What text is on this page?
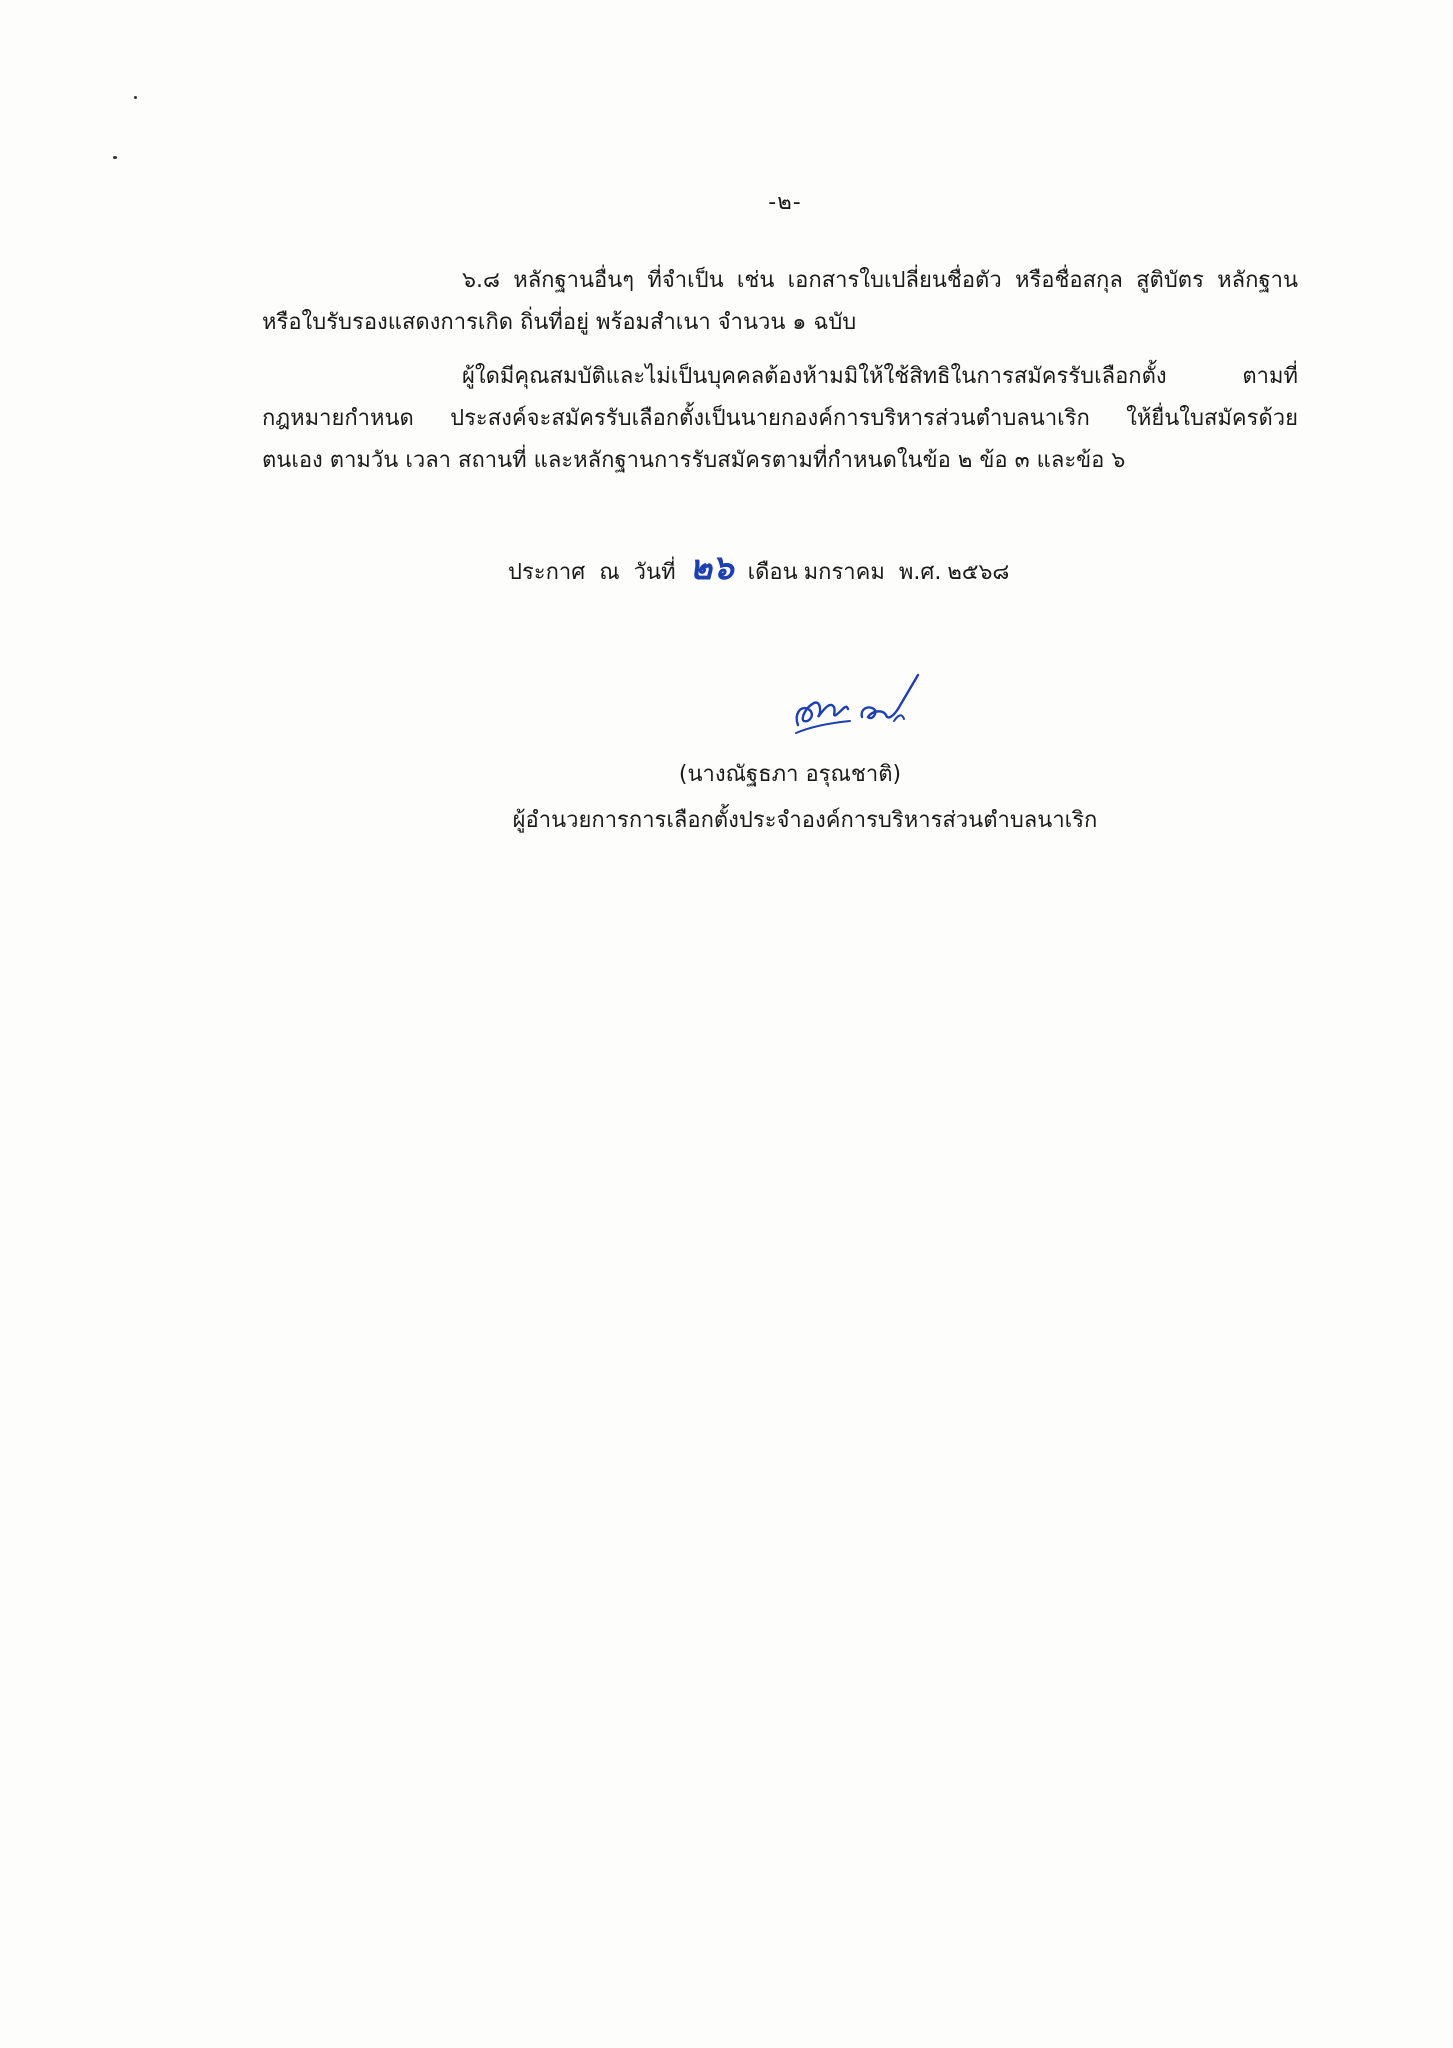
-๒-

๖.๘ หลักฐานอื่นๆ ที่จำเป็น เช่น เอกสารใบเปลี่ยนชื่อตัว หรือชื่อสกุล สูติบัตร หลักฐาน หรือใบรับรองแสดงการเกิด ถิ่นที่อยู่ พร้อมสำเนา จำนวน ๑ ฉบับ

ผู้ใดมีคุณสมบัติและไม่เป็นบุคคลต้องห้ามมิให้ใช้สิทธิในการสมัครรับเลือกตั้ง ตามที่กฎหมายกำหนด ประสงค์จะสมัครรับเลือกตั้งเป็นนายกองค์การบริหารส่วนตำบลนาเริก ให้ยื่นใบสมัครด้วยตนเอง ตามวัน เวลา สถานที่ และหลักฐานการรับสมัครตามที่กำหนดในข้อ ๒ ข้อ ๓ และข้อ ๖

ประกาศ ณ วันที่ ๒๖ เดือน มกราคม พ.ศ. ๒๕๖๘
(นางณัฐธภา อรุณชาติ)
ผู้อำนวยการการเลือกตั้งประจำองค์การบริหารส่วนตำบลนาเริก
